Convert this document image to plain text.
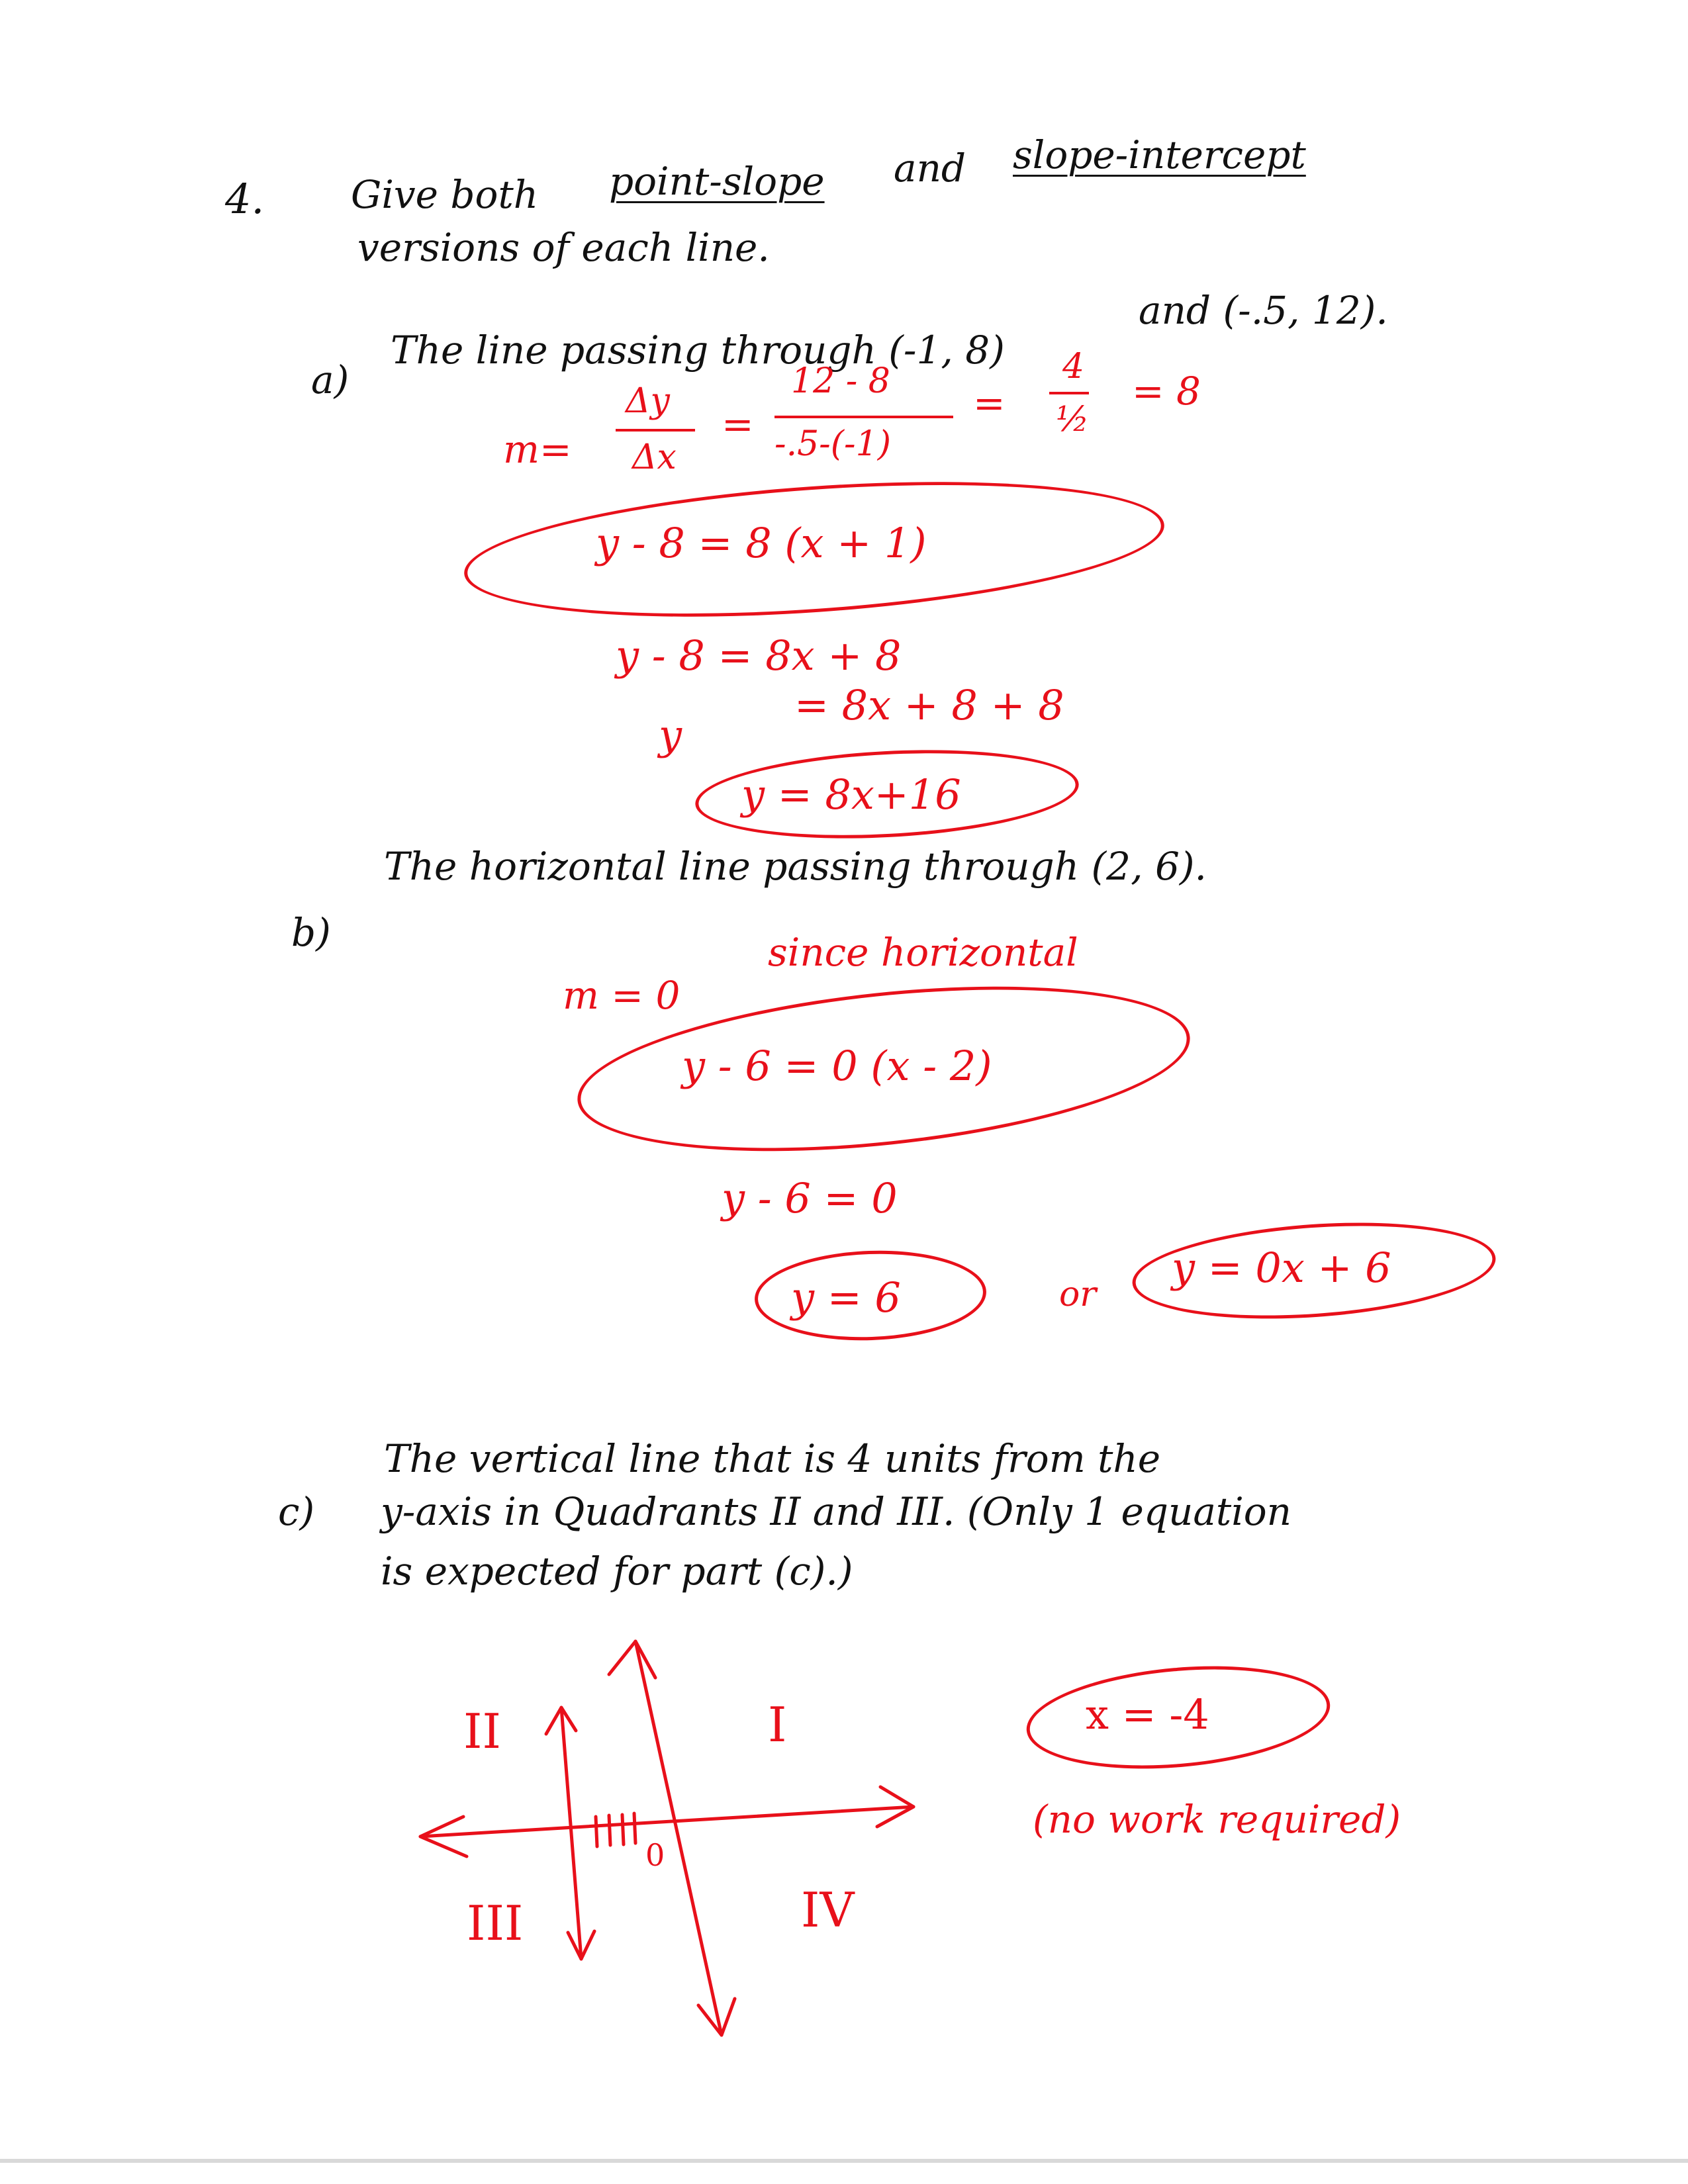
4. Give both point-slope and slope-intercept
versions of each line.
a)
The line passing through (-1, 8)
and (-.5, 12).
m=
Δy
Δx
=
12 - 8
-.5-(-1)
=
4
½
= 8
y - 8 = 8 (x + 1)
y - 8 = 8x + 8
y
= 8x + 8 + 8
y = 8x+16
b)
The horizontal line passing through (2, 6).
m = 0
since horizontal
y - 6 = 0 (x - 2)
y - 6 = 0
y = 6	or
y = 0x + 6
c)
The vertical line that is 4 units from the
y-axis in Quadrants II and III. (Only 1 equation
is expected for part (c).)
0
II	I
III	IV
x = -4
(no work required)
